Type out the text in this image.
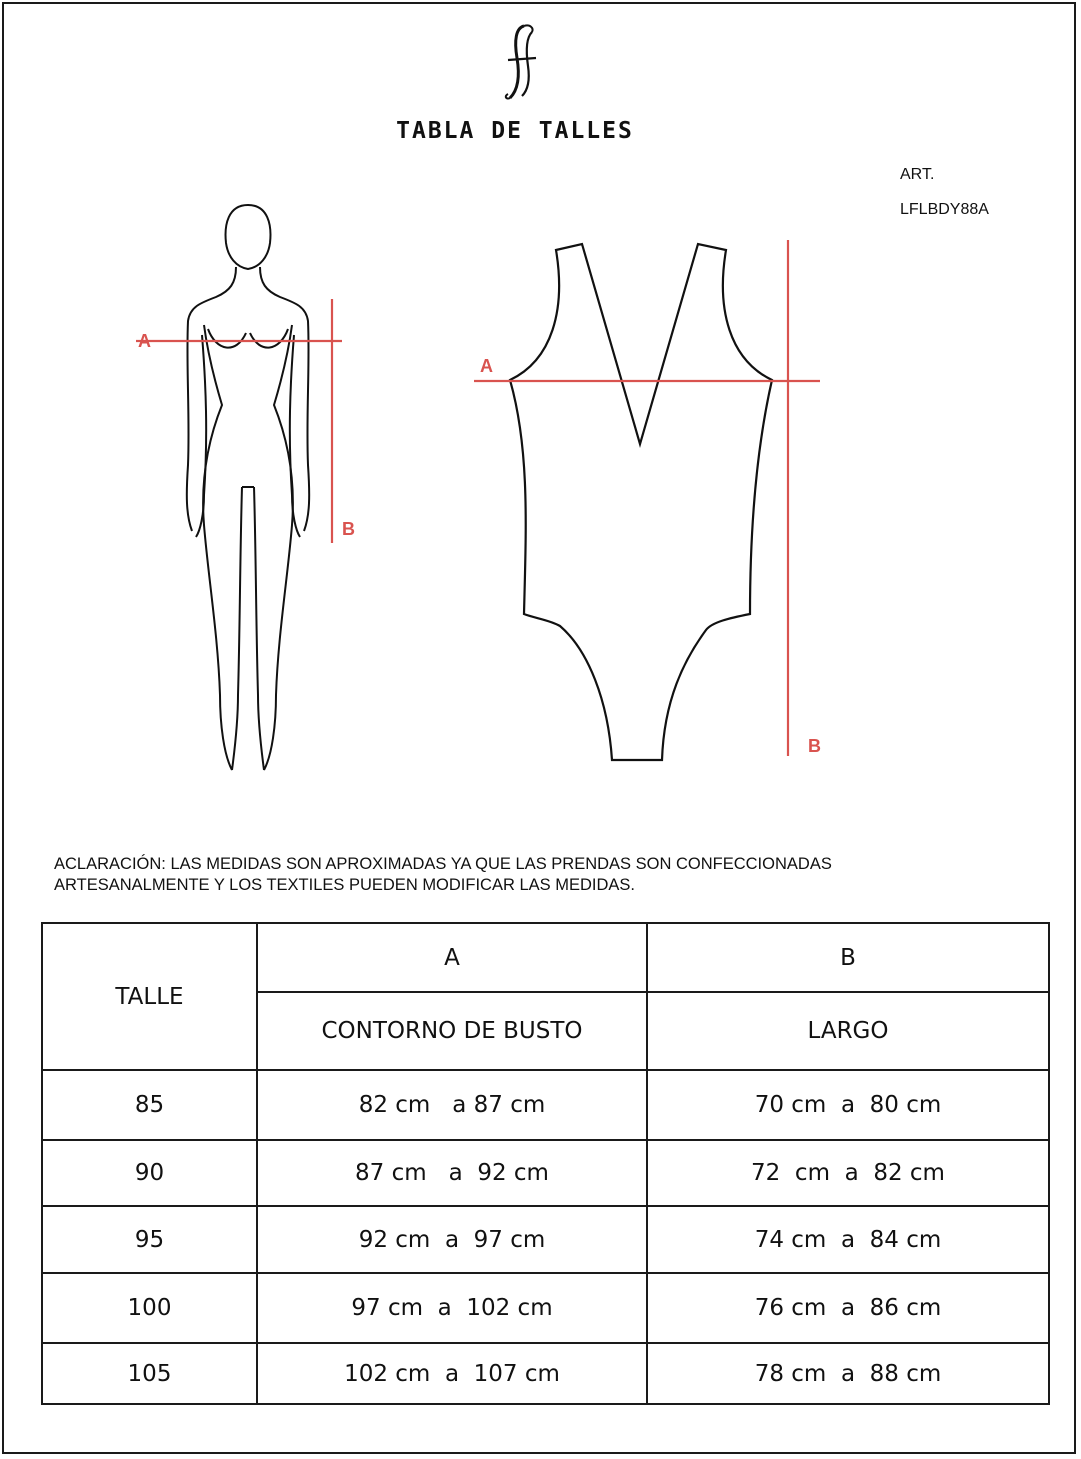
TABLA DE TALLES
ART.
LFLBDY88A
A
B
A
B
ACLARACIÓN: LAS MEDIDAS SON APROXIMADAS YA QUE LAS PRENDAS SON CONFECCIONADAS
ARTESANALMENTE Y LOS TEXTILES PUEDEN MODIFICAR LAS MEDIDAS.
TALLE	A	B
	CONTORNO DE BUSTO	LARGO
85	82 cm   a 87 cm	70 cm  a  80 cm
90	87 cm   a  92 cm	72  cm  a  82 cm
95	92 cm  a  97 cm	74 cm  a  84 cm
100	97 cm  a  102 cm	76 cm  a  86 cm
105	102 cm  a  107 cm	78 cm  a  88 cm
